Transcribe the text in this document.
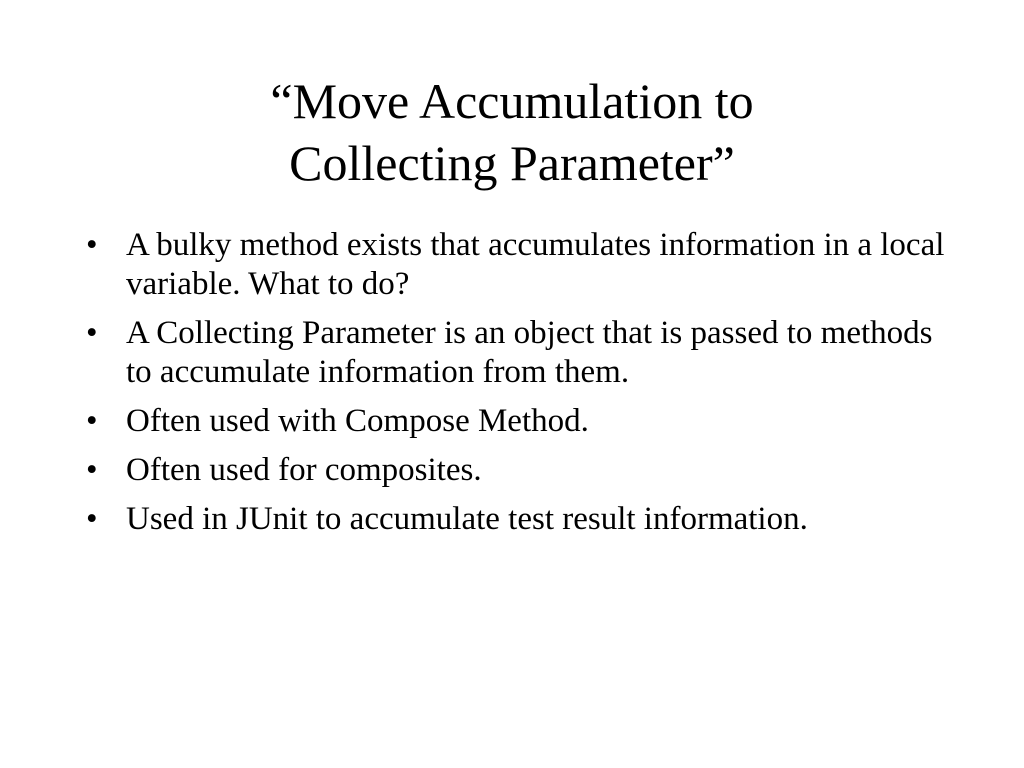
“Move Accumulation to
Collecting Parameter”
• A bulky method exists that accumulates information in a local variable. What to do?
• A Collecting Parameter is an object that is passed to methods to accumulate information from them.
• Often used with Compose Method.
• Often used for composites.
• Used in JUnit to accumulate test result information.
